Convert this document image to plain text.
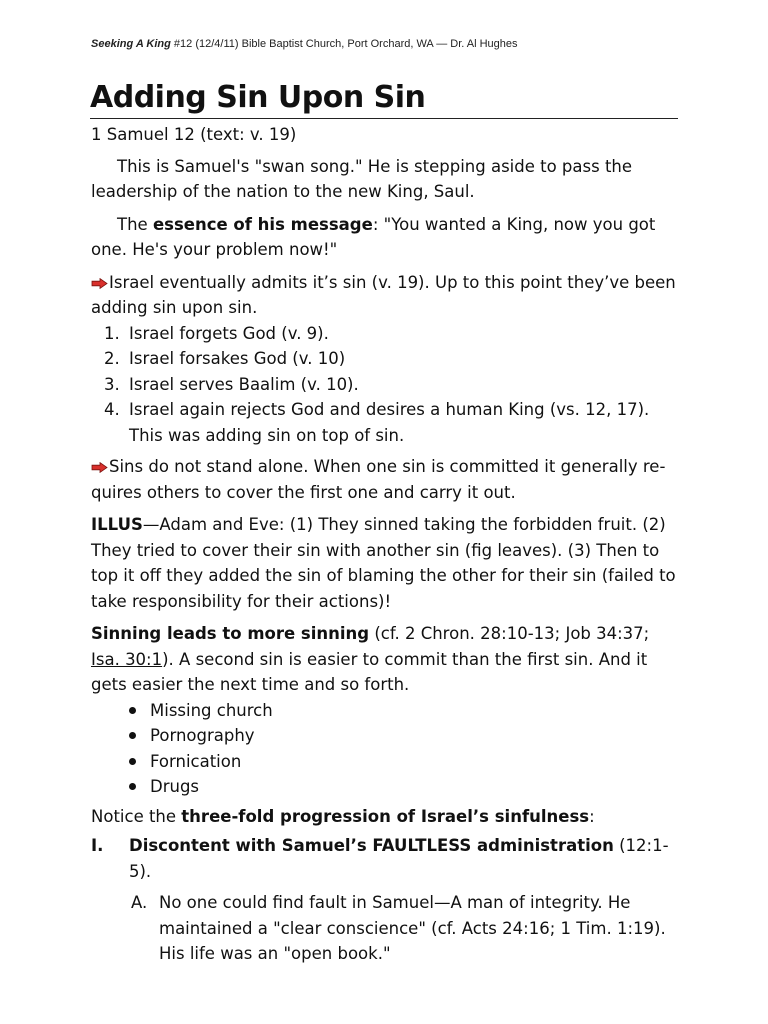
Seeking A King #12 (12/4/11) Bible Baptist Church, Port Orchard, WA — Dr. Al Hughes
Adding Sin Upon Sin

1 Samuel 12 (text: v. 19)

This is Samuel's "swan song." He is stepping aside to pass the leadership of the nation to the new King, Saul.

The essence of his message: "You wanted a King, now you got one. He's your problem now!"

Israel eventually admits it’s sin (v. 19). Up to this point they’ve been adding sin upon sin.

1. Israel forgets God (v. 9).
2. Israel forsakes God (v. 10)
3. Israel serves Baalim (v. 10).
4. Israel again rejects God and desires a human King (vs. 12, 17). This was adding sin on top of sin.

Sins do not stand alone. When one sin is committed it generally requires others to cover the first one and carry it out.

ILLUS—Adam and Eve: (1) They sinned taking the forbidden fruit. (2) They tried to cover their sin with another sin (fig leaves). (3) Then to top it off they added the sin of blaming the other for their sin (failed to take responsibility for their actions)!

Sinning leads to more sinning (cf. 2 Chron. 28:10-13; Job 34:37; Isa. 30:1). A second sin is easier to commit than the first sin. And it gets easier the next time and so forth.

Missing church
Pornography
Fornication
Drugs

Notice the three-fold progression of Israel’s sinfulness:

I. Discontent with Samuel’s FAULTLESS administration (12:1-5).

A. No one could find fault in Samuel—A man of integrity. He maintained a "clear conscience" (cf. Acts 24:16; 1 Tim. 1:19). His life was an "open book."
